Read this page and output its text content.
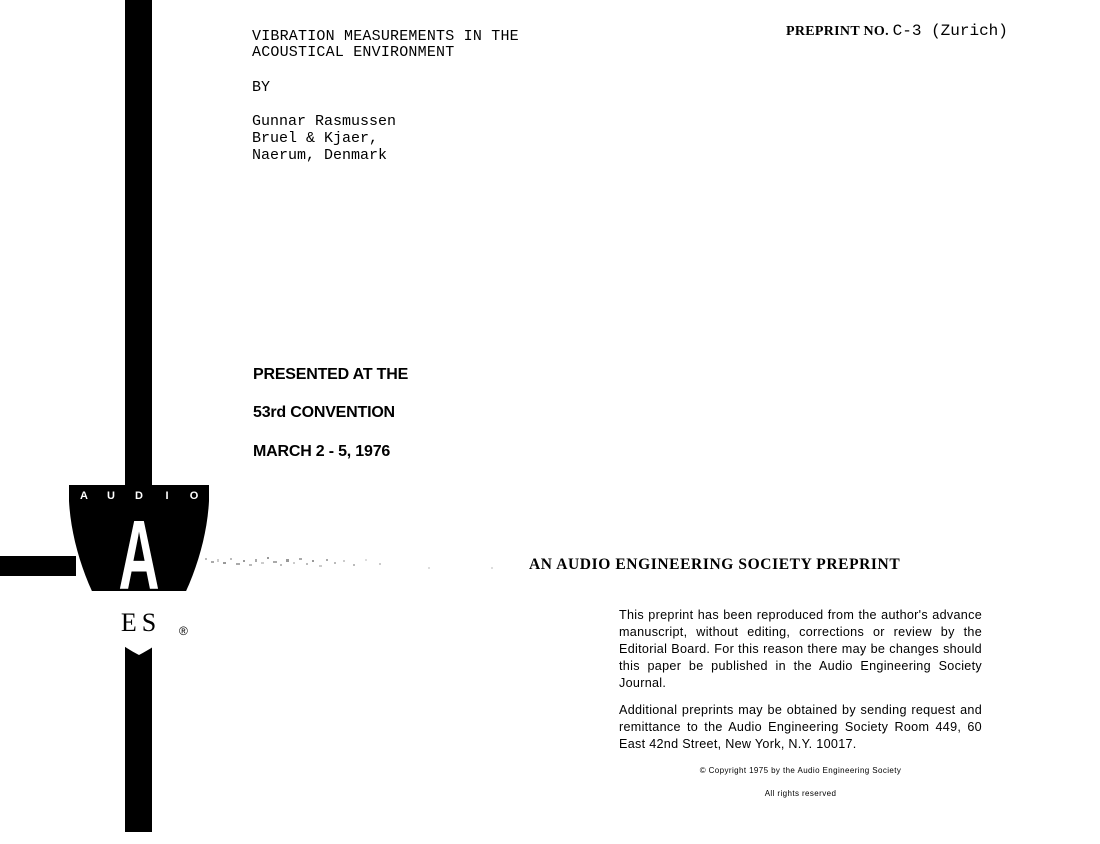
VIBRATION MEASUREMENTS IN THE
ACOUSTICAL ENVIRONMENT
BY
Gunnar Rasmussen
Bruel & Kjaer,
Naerum, Denmark
PREPRINT NO. C-3 (Zurich)
PRESENTED AT THE
53rd CONVENTION
MARCH 2 - 5, 1976
A U D I O
A
ES ®
AN AUDIO ENGINEERING SOCIETY PREPRINT
This preprint has been reproduced from the author's advance manuscript, without editing, corrections or review by the Editorial Board. For this reason there may be changes should this paper be published in the Audio Engineering Society Journal.
Additional preprints may be obtained by sending request and remittance to the Audio Engineering Society Room 449, 60 East 42nd Street, New York, N.Y. 10017.
© Copyright 1975 by the Audio Engineering Society
All rights reserved
